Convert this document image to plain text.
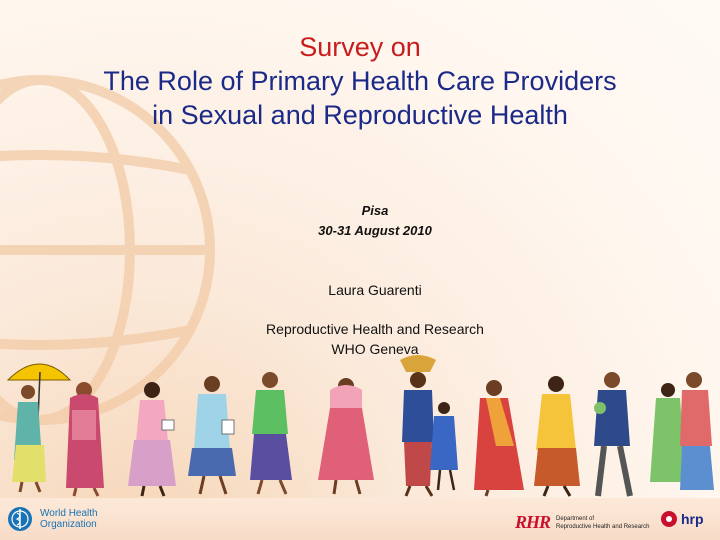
Survey on
The Role of Primary Health Care Providers
in Sexual and Reproductive Health
Pisa
30-31 August 2010
Laura Guarenti
Reproductive Health and Research
WHO Geneva
World Health
Organization	RHR Department of
Reproductive Health and Research hrp
